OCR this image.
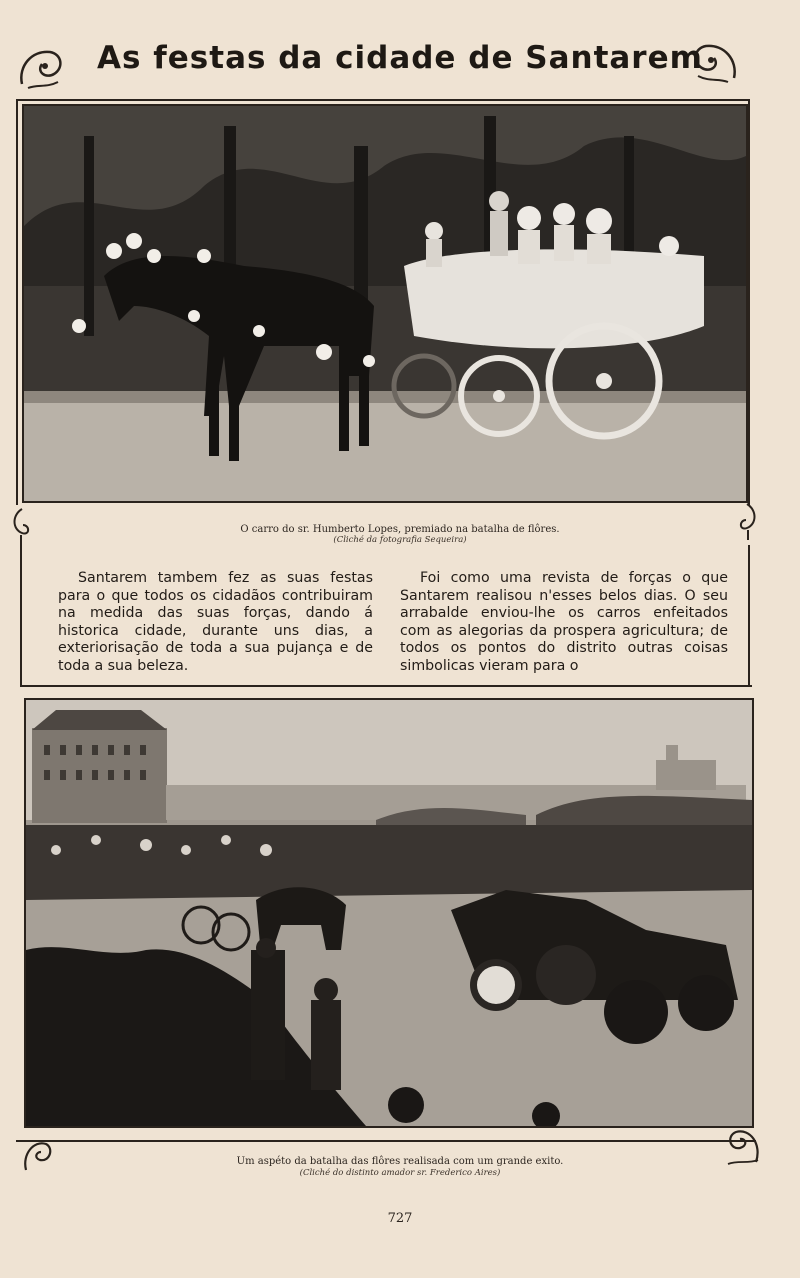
As festas da cidade de Santarem
O carro do sr. Humberto Lopes, premiado na batalha de flôres.
(Cliché da fotografia Sequeira)

Santarem tambem fez as suas festas para o que todos os cidadãos contribuiram na medida das suas forças, dando á historica cidade, durante uns dias, a exteriorisação de toda a sua pujança e de toda a sua beleza.

Foi como uma revista de forças o que Santarem realisou n'esses belos dias. O seu arrabalde enviou-lhe os carros enfeitados com as alegorias da prospera agricultura; de todos os pontos do distrito outras coisas simbolicas vieram para o

Um aspéto da batalha das flôres realisada com um grande exito.
(Cliché do distinto amador sr. Frederico Aires)
727
